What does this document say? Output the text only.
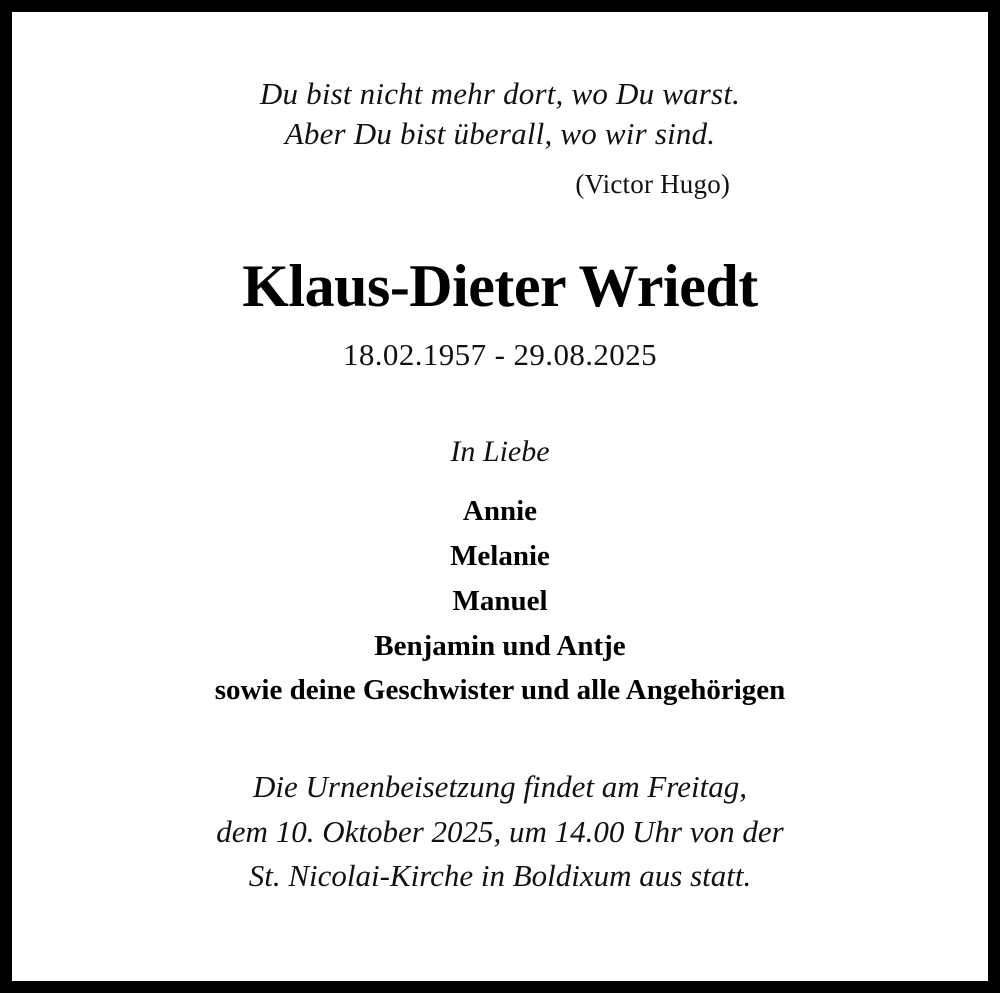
Du bist nicht mehr dort, wo Du warst.
Aber Du bist überall, wo wir sind.
(Victor Hugo)
Klaus-Dieter Wriedt
18.02.1957 - 29.08.2025
In Liebe
Annie
Melanie
Manuel
Benjamin und Antje
sowie deine Geschwister und alle Angehörigen
Die Urnenbeisetzung findet am Freitag,
dem 10. Oktober 2025, um 14.00 Uhr von der
St. Nicolai-Kirche in Boldixum aus statt.
